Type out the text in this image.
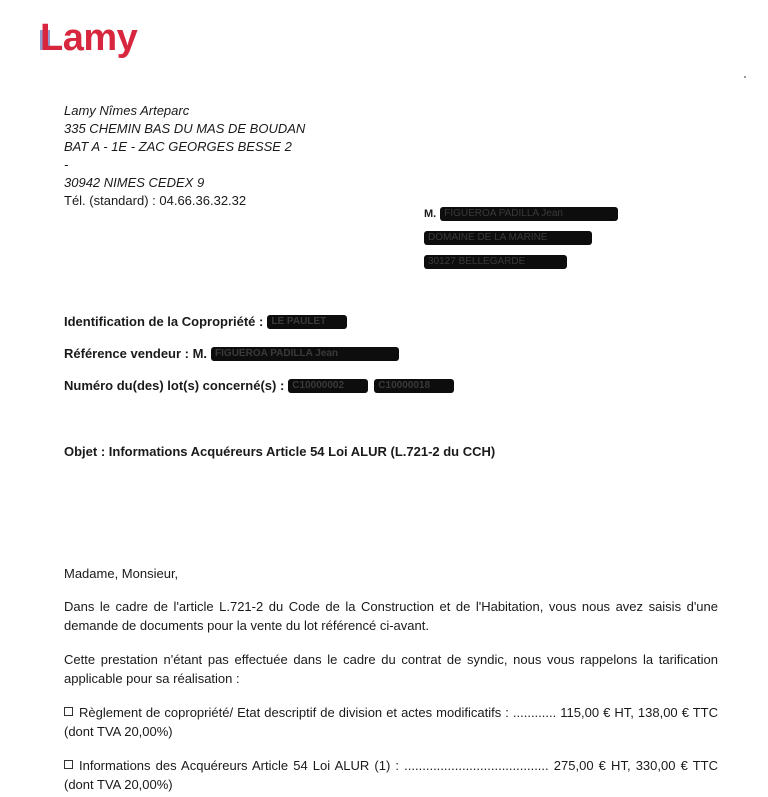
Lamy
Lamy Nîmes Arteparc
335 CHEMIN BAS DU MAS DE BOUDAN
BAT A - 1E - ZAC GEORGES BESSE 2
-
30942 NIMES CEDEX 9
Tél. (standard) : 04.66.36.32.32
M. FIGUEROA PADILLA Jean
DOMAINE DE LA MARINE
30127 BELLEGARDE
Identification de la Copropriété : LE PAULET
Référence vendeur : M. FIGUEROA PADILLA Jean
Numéro du(des) lot(s) concerné(s) : C10000002	C10000018
Objet : Informations Acquéreurs Article 54 Loi ALUR (L.721-2 du CCH)
Madame, Monsieur,
Dans le cadre de l'article L.721-2 du Code de la Construction et de l'Habitation, vous nous avez saisis d'une demande de documents pour la vente du lot référencé ci-avant.
Cette prestation n'étant pas effectuée dans le cadre du contrat de syndic, nous vous rappelons la tarification applicable pour sa réalisation :
Règlement de copropriété/ Etat descriptif de division et actes modificatifs : ............ 115,00 € HT, 138,00 € TTC (dont TVA 20,00%)
Informations des Acquéreurs Article 54 Loi ALUR (1) : ........................................ 275,00 € HT, 330,00 € TTC (dont TVA 20,00%)
